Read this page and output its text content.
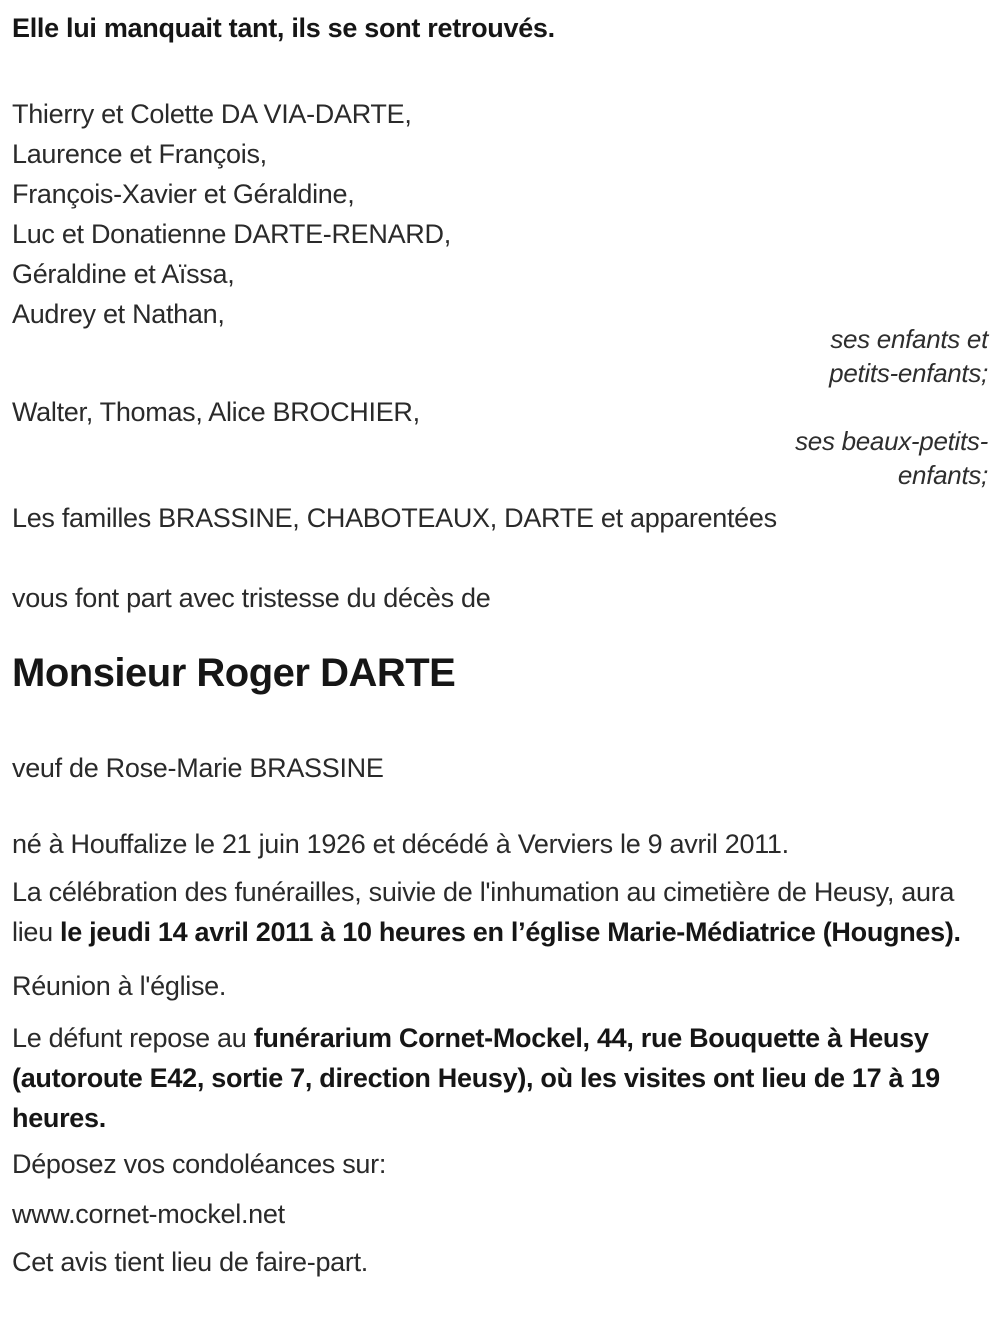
Elle lui manquait tant, ils se sont retrouvés.

Thierry et Colette DA VIA-DARTE,
Laurence et François,
François-Xavier et Géraldine,
Luc et Donatienne DARTE-RENARD,
Géraldine et Aïssa,
Audrey et Nathan,
ses enfants et
petits-enfants;

Walter, Thomas, Alice BROCHIER,

ses beaux-petits-
enfants;

Les familles BRASSINE, CHABOTEAUX, DARTE et apparentées

vous font part avec tristesse du décès de

Monsieur Roger DARTE

veuf de Rose-Marie BRASSINE

né à Houffalize le 21 juin 1926 et décédé à Verviers le 9 avril 2011.

La célébration des funérailles, suivie de l'inhumation au cimetière de Heusy, aura lieu le jeudi 14 avril 2011 à 10 heures en l’église Marie-Médiatrice (Hougnes).

Réunion à l'église.

Le défunt repose au funérarium Cornet-Mockel, 44, rue Bouquette à Heusy (autoroute E42, sortie 7, direction Heusy), où les visites ont lieu de 17 à 19 heures.

Déposez vos condoléances sur:

www.cornet-mockel.net

Cet avis tient lieu de faire-part.
